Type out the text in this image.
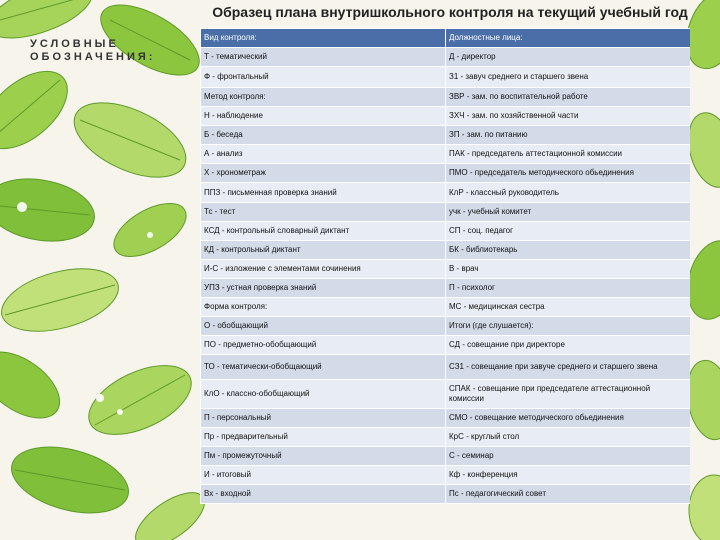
Образец плана внутришкольного контроля на текущий учебный год
УСЛОВНЫЕ
ОБОЗНАЧЕНИЯ:
Вид контроля:	Должностные лица:
Т - тематический	Д - директор
Ф - фронтальный	З1 - завуч среднего и старшего звена
Метод контроля:	ЗВР - зам. по воспитательной работе
Н - наблюдение	ЗХЧ - зам. по хозяйственной части
Б - беседа	ЗП - зам. по питанию
А - анализ	ПАК - председатель аттестационной комиссии
Х - хронометраж	ПМО - председатель методического обьединения
ППЗ - письменная проверка знаний	КлР - классный руководитель
Тс - тест	учк - учебный комитет
КСД - контрольный словарный диктант	СП - соц. педагог
КД - контрольный диктант	БК - библиотекарь
И-С - изложение с элементами сочинения	В - врач
УПЗ - устная проверка знаний	П - психолог
Форма контроля:	МС - медицинская сестра
О - обобщающий	Итоги (где слушается):
ПО - предметно-обобщающий	СД - совещание при директоре
ТО - тематически-обобщающий	СЗ1 - совещание при завуче среднего и старшего звена
КлО - классно-обобщающий	СПАК - совещание при председателе аттестационной комиссии
П - персональный	СМО - совещание методического обьединения
Пр - предварительный	КрС - круглый стол
Пм - промежуточный	С - семинар
И - итоговый	Кф - конференция
Вх - входной	Пс - педагогический совет
